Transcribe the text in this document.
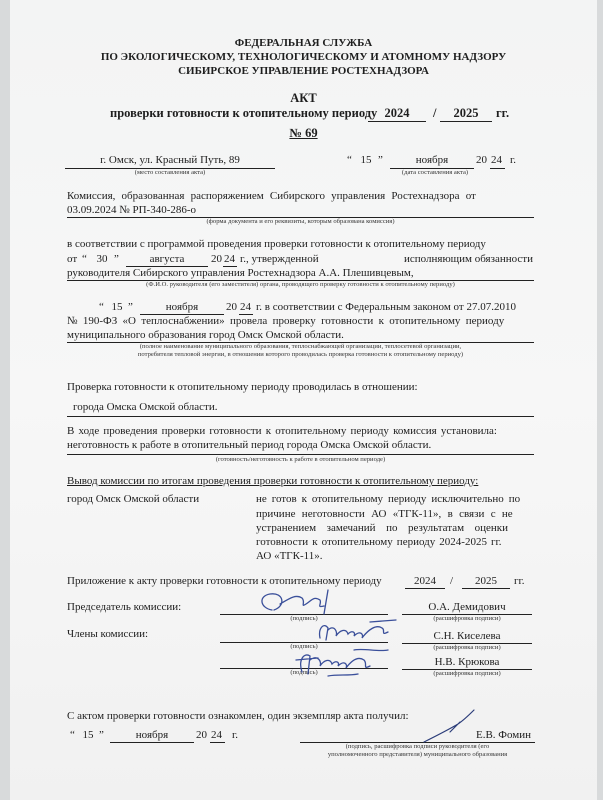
ФЕДЕРАЛЬНАЯ СЛУЖБА
ПО ЭКОЛОГИЧЕСКОМУ, ТЕХНОЛОГИЧЕСКОМУ И АТОМНОМУ НАДЗОРУ
СИБИРСКОЕ УПРАВЛЕНИЕ РОСТЕХНАДЗОРА
АКТ
проверки готовности к отопительному периоду 2024	/	2025	гг.
№ 69
г. Омск, ул. Красный Путь, 89
(место составления акта)
“ 15 ”	ноября	20 24 г.
(дата составления акта)
Комиссия, образованная распоряжением Сибирского управления Ростехнадзора от
03.09.2024 № РП-340-286-о
(форма документа и его реквизиты, которым образована комиссия)
в соответствии с программой проведения проверки готовности к отопительному периоду
от “ 30 ”	августа	20 24 г., утвержденной	исполняющим обязанности
руководителя Сибирского управления Ростехнадзора А.А. Плешивцевым,
(Ф.И.О. руководителя (его заместителя) органа, проводящего проверку готовности к отопительному периоду)
“ 15 ”	ноября	20 24 г. в соответствии с Федеральным законом от 27.07.2010
№ 190-ФЗ «О теплоснабжении» провела проверку готовности к отопительному периоду
муниципального образования город Омск Омской области.
(полное наименование муниципального образования, теплоснабжающей организации, теплосетевой организации,
потребителя тепловой энергии, в отношении которого проводилась проверка готовности к отопительному периоду)
Проверка готовности к отопительному периоду проводилась в отношении:
города Омска Омской области.
В ходе проведения проверки готовности к отопительному периоду комиссия установила:
неготовность к работе в отопительный период города Омска Омской области.
(готовность/неготовность к работе в отопительном периоде)
Вывод комиссии по итогам проведения проверки готовности к отопительному периоду:
город Омск Омской области	не готов к отопительному периоду исключительно по
причине неготовности АО «ТГК-11», в связи с не
устранением замечаний по результатам оценки
готовности к отопительному периоду 2024-2025 гг.
АО «ТГК-11».
Приложение к акту проверки готовности к отопительному периоду	2024	/	2025	гг.
Председатель комиссии:
(подпись)
О.А. Демидович
(расшифровка подписи)
Члены комиссии:
(подпись)
С.Н. Киселева
(расшифровка подписи)
(подпись)
Н.В. Крюкова
(расшифровка подписи)
С актом проверки готовности ознакомлен, один экземпляр акта получил:
“ 15 ”	ноября	20 24 г.	Е.В. Фомин
(подпись, расшифровка подписи руководителя (его
уполномоченного представителя) муниципального образования
